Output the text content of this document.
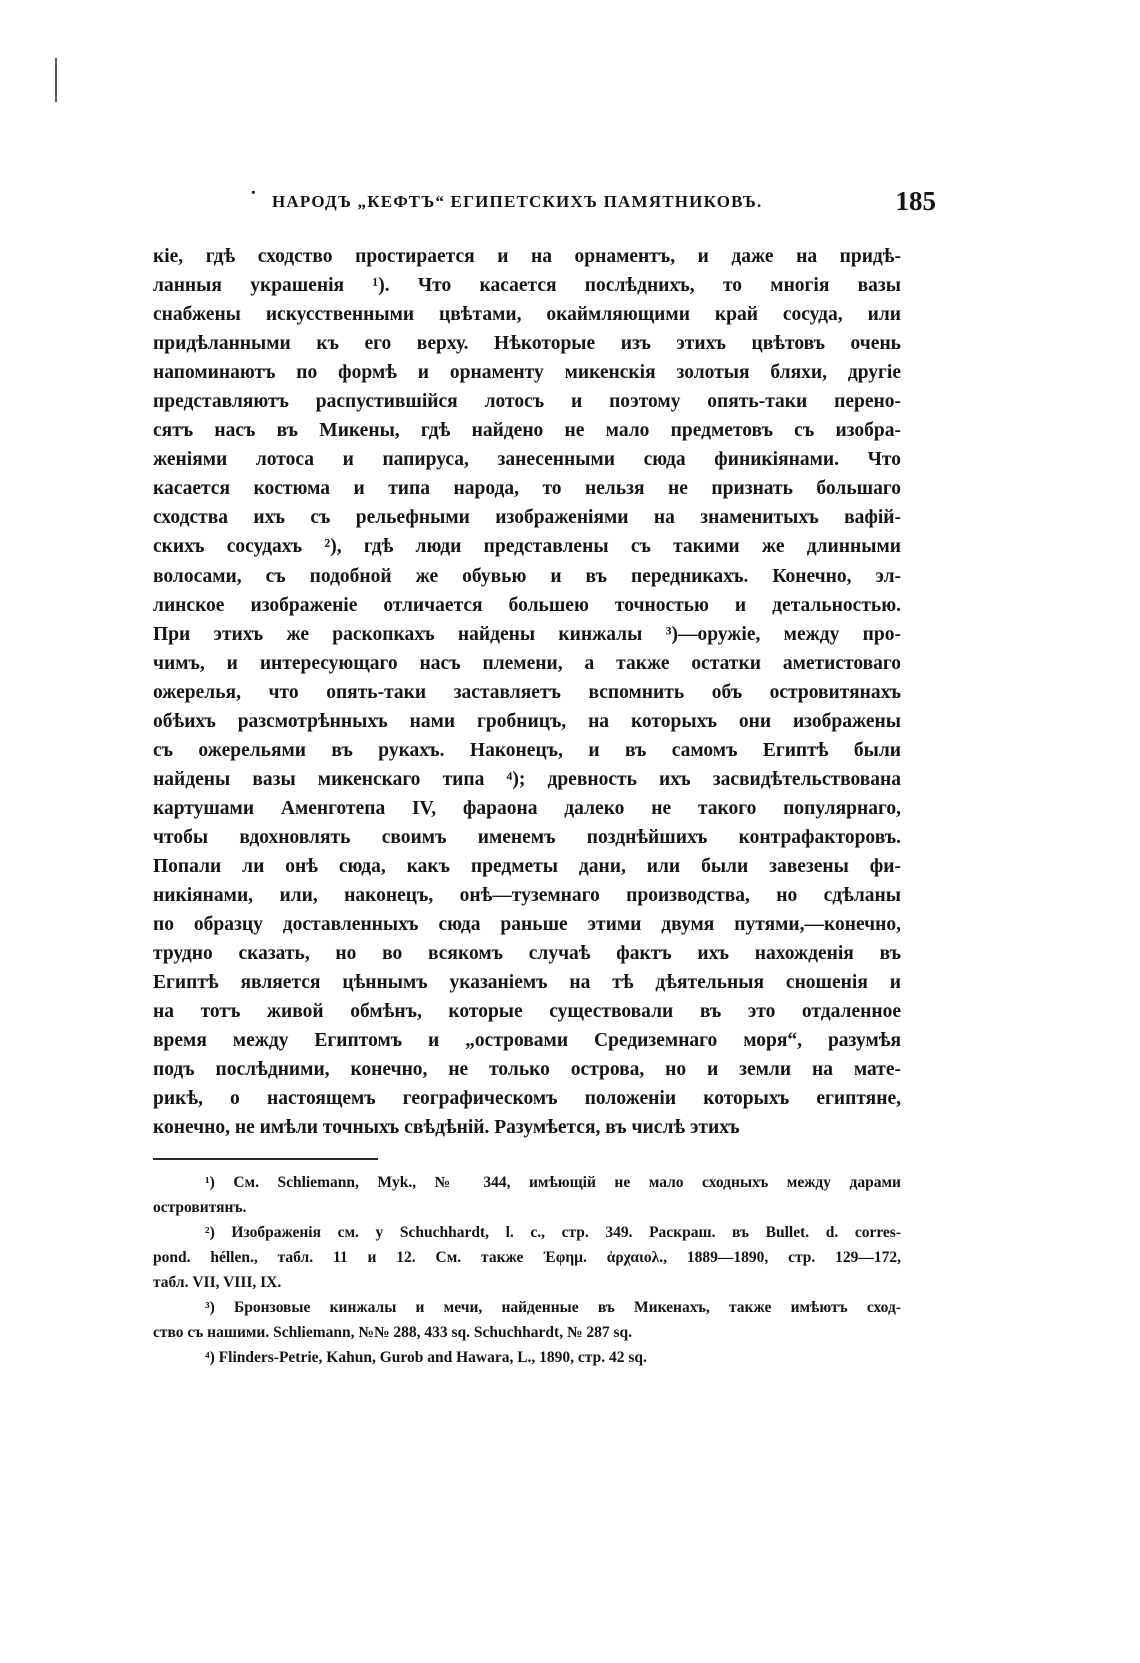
· НАРОДЪ „КЕФТЪ“ ЕГИПЕТСКИХЪ ПАМЯТНИКОВЪ.	185
кіе, гдѣ сходство простирается и на орнаментъ, и даже на придѣ-
ланныя украшенія ¹). Что касается послѣднихъ, то многія вазы
снабжены искусственными цвѣтами, окаймляющими край сосуда, или
придѣланными къ его верху. Нѣкоторые изъ этихъ цвѣтовъ очень
напоминаютъ по формѣ и орнаменту микенскія золотыя бляхи, другіе
представляютъ распустившійся лотосъ и поэтому опять-таки перено-
сятъ насъ въ Микены, гдѣ найдено не мало предметовъ съ изобра-
женіями лотоса и папируса, занесенными сюда финикіянами. Что
касается костюма и типа народа, то нельзя не признать большаго
сходства ихъ съ рельефными изображеніями на знаменитыхъ вафій-
скихъ сосудахъ ²), гдѣ люди представлены съ такими же длинными
волосами, съ подобной же обувью и въ передникахъ. Конечно, эл-
линское изображеніе отличается большею точностью и детальностью.
При этихъ же раскопкахъ найдены кинжалы ³)—оружіе, между про-
чимъ, и интересующаго насъ племени, а также остатки аметистоваго
ожерелья, что опять-таки заставляетъ вспомнить объ островитянахъ
обѣихъ разсмотрѣнныхъ нами гробницъ, на которыхъ они изображены
съ ожерельями въ рукахъ. Наконецъ, и въ самомъ Египтѣ были
найдены вазы микенскаго типа ⁴); древность ихъ засвидѣтельствована
картушами Аменготепа IV, фараона далеко не такого популярнаго,
чтобы вдохновлять своимъ именемъ позднѣйшихъ контрафакторовъ.
Попали ли онѣ сюда, какъ предметы дани, или были завезены фи-
никіянами, или, наконецъ, онѣ—туземнаго производства, но сдѣланы
по образцу доставленныхъ сюда раньше этими двумя путями,—конечно,
трудно сказать, но во всякомъ случаѣ фактъ ихъ нахожденія въ
Египтѣ является цѣннымъ указаніемъ на тѣ дѣятельныя сношенія и
на тотъ живой обмѣнъ, которые существовали въ это отдаленное
время между Египтомъ и „островами Средиземнаго моря“, разумѣя
подъ послѣдними, конечно, не только острова, но и земли на мате-
рикѣ, о настоящемъ географическомъ положеніи которыхъ египтяне,
конечно, не имѣли точныхъ свѣдѣній. Разумѣется, въ числѣ этихъ
¹) См. Schliemann, Myk., № 344, имѣющій не мало сходныхъ между дарами
островитянъ.
²) Изображенія см. у Schuchhardt, l. c., стр. 349. Раскраш. въ Bullet. d. corres-
pond. héllen., табл. 11 и 12. См. также Ἐφημ. ἀρχαιολ., 1889—1890, стр. 129—172,
табл. VII, VIII, IX.
³) Бронзовые кинжалы и мечи, найденные въ Микенахъ, также имѣютъ сход-
ство съ нашими. Schliemann, №№ 288, 433 sq. Schuchhardt, № 287 sq.
⁴) Flinders-Petrie, Kahun, Gurob and Hawara, L., 1890, стр. 42 sq.
